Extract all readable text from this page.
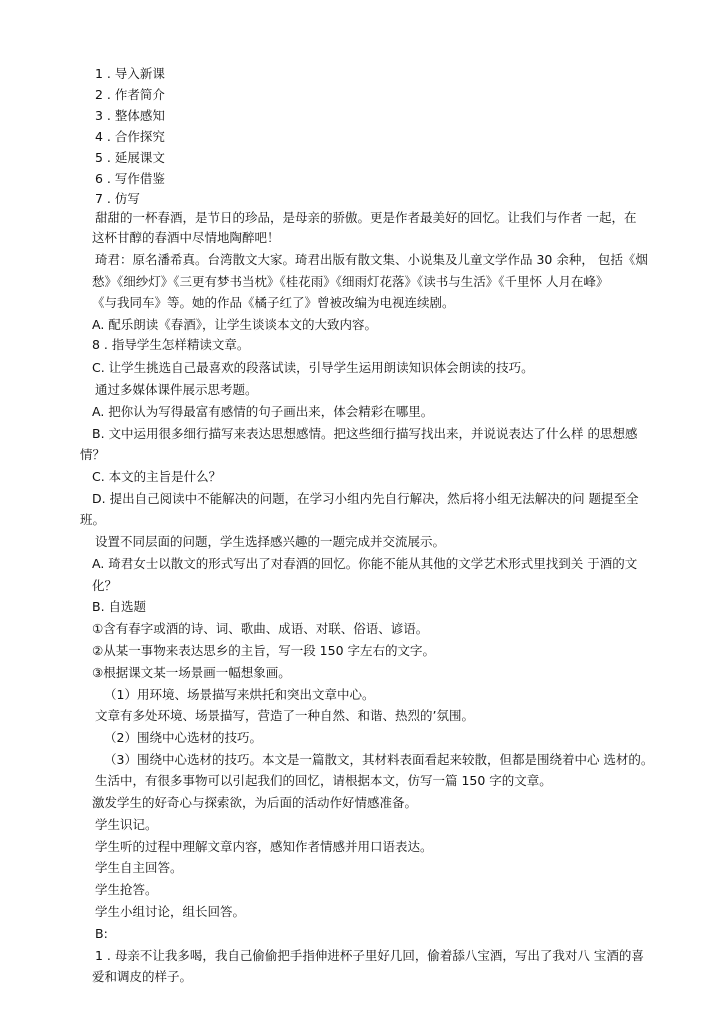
1 . 导入新课
2 . 作者简介
3 . 整体感知
4 . 合作探究
5 . 延展课文
6 . 写作借鉴
7 . 仿写
甜甜的一杯春酒，是节日的珍品，是母亲的骄傲。更是作者最美好的回忆。让我们与作者 一起，在
这杯甘醇的春酒中尽情地陶醉吧！
琦君：原名潘希真。台湾散文大家。琦君出版有散文集、小说集及儿童文学作品 30 余种， 包括《烟
愁》《细纱灯》《三更有梦书当枕》《桂花雨》《细雨灯花落》《读书与生活》《千里怀 人月在峰》
《与我同车》等。她的作品《橘子红了》曾被改编为电视连续剧。
A. 配乐朗读《春酒》，让学生谈谈本文的大致内容。
8 . 指导学生怎样精读文章。
C. 让学生挑选自己最喜欢的段落试读，引导学生运用朗读知识体会朗读的技巧。
通过多媒体课件展示思考题。
A. 把你认为写得最富有感情的句子画出来，体会精彩在哪里。
B. 文中运用很多细行描写来表达思想感情。把这些细行描写找出来，并说说表达了什么样 的思想感
情？
C. 本文的主旨是什么？
D. 提出自己阅读中不能解决的问题，在学习小组内先自行解决，然后将小组无法解决的问 题提至全
班。
设置不同层面的问题，学生选择感兴趣的一题完成并交流展示。
A. 琦君女士以散文的形式写出了对春酒的回忆。你能不能从其他的文学艺术形式里找到关 于酒的文
化？
B. 自选题
①含有春字或酒的诗、词、歌曲、成语、对联、俗语、谚语。
②从某一事物来表达思乡的主旨，写一段 150 字左右的文字。
③根据课文某一场景画一幅想象画。
（1）用环境、场景描写来烘托和突出文章中心。
文章有多处环境、场景描写，营造了一种自然、和谐、热烈的’氛围。
（2）围绕中心选材的技巧。
（3）围绕中心选材的技巧。本文是一篇散文，其材料表面看起来较散，但都是围绕着中心 选材的。
生活中，有很多事物可以引起我们的回忆，请根据本文，仿写一篇 150 字的文章。
激发学生的好奇心与探索欲，为后面的活动作好情感准备。
学生识记。
学生听的过程中理解文章内容，感知作者情感并用口语表达。
学生自主回答。
学生抢答。
学生小组讨论，组长回答。
B:
1 . 母亲不让我多喝，我自己偷偷把手指伸进杯子里好几回，偷着舔八宝酒，写出了我对八 宝酒的喜
爱和调皮的样子。
